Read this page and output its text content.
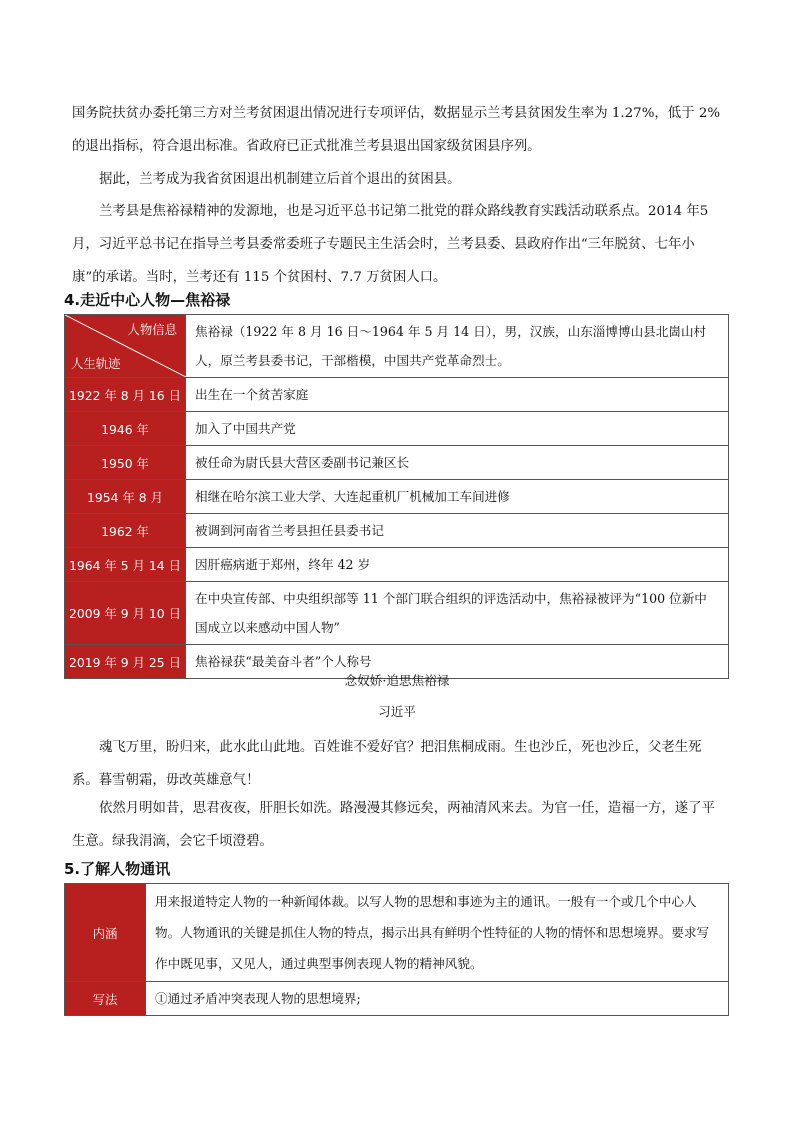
国务院扶贫办委托第三方对兰考贫困退出情况进行专项评估，数据显示兰考县贫困发生率为 1.27%，低于 2%的退出指标，符合退出标准。省政府已正式批准兰考县退出国家级贫困县序列。

据此，兰考成为我省贫困退出机制建立后首个退出的贫困县。

兰考县是焦裕禄精神的发源地，也是习近平总书记第二批党的群众路线教育实践活动联系点。2014 年5 月，习近平总书记在指导兰考县委常委班子专题民主生活会时，兰考县委、县政府作出“三年脱贫、七年小康”的承诺。当时，兰考还有 115 个贫困村、7.7 万贫困人口。

4.走近中心人物—焦裕禄
人物信息
人生轨迹	焦裕禄（1922 年 8 月 16 日～1964 年 5 月 14 日），男，汉族，山东淄博博山县北崮山村人，原兰考县委书记，干部楷模，中国共产党革命烈士。
1922 年 8 月 16 日	出生在一个贫苦家庭
1946 年	加入了中国共产党
1950 年	被任命为尉氏县大营区委副书记兼区长
1954 年 8 月	相继在哈尔滨工业大学、大连起重机厂机械加工车间进修
1962 年	被调到河南省兰考县担任县委书记
1964 年 5 月 14 日	因肝癌病逝于郑州，终年 42 岁
2009 年 9 月 10 日	在中央宣传部、中央组织部等 11 个部门联合组织的评选活动中，焦裕禄被评为“100 位新中国成立以来感动中国人物”
2019 年 9 月 25 日	焦裕禄获“最美奋斗者”个人称号

念奴娇·追思焦裕禄

习近平

魂飞万里，盼归来，此水此山此地。百姓谁不爱好官？把泪焦桐成雨。生也沙丘，死也沙丘，父老生死系。暮雪朝霜，毋改英雄意气！

依然月明如昔，思君夜夜，肝胆长如洗。路漫漫其修远矣，两袖清风来去。为官一任，造福一方，遂了平生意。绿我涓滴，会它千顷澄碧。

5.了解人物通讯
内涵	用来报道特定人物的一种新闻体裁。以写人物的思想和事迹为主的通讯。一般有一个或几个中心人物。人物通讯的关键是抓住人物的特点，揭示出具有鲜明个性特征的人物的情怀和思想境界。要求写作中既见事，又见人，通过典型事例表现人物的精神风貌。
写法	①通过矛盾冲突表现人物的思想境界;
